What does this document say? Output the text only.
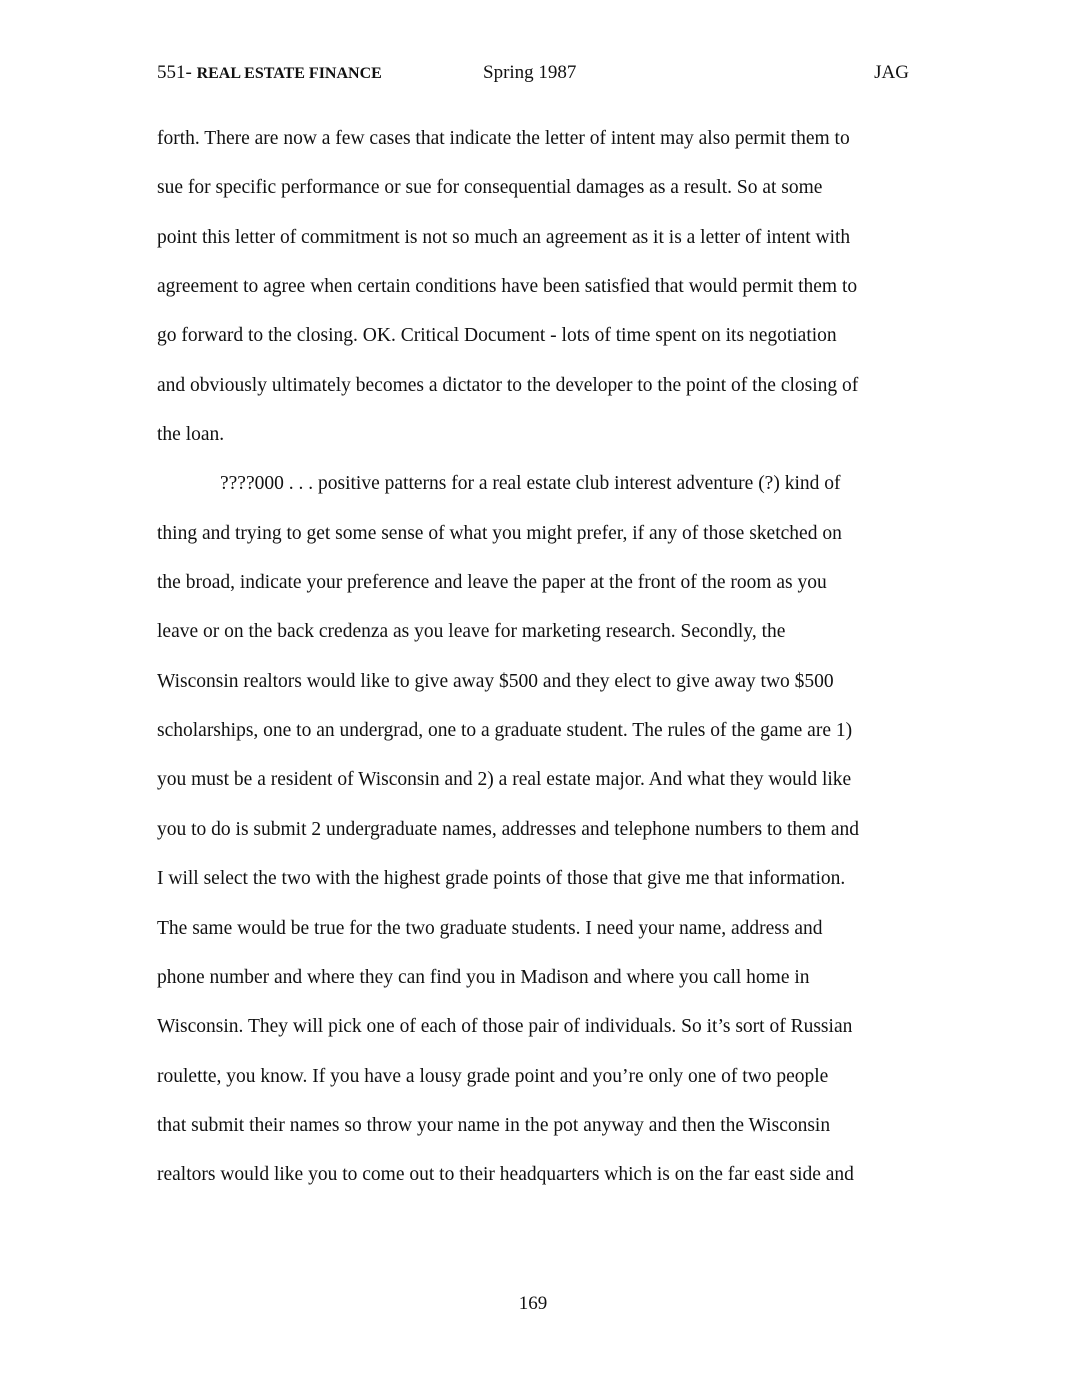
551- REAL ESTATE FINANCE	Spring 1987	JAG
forth. There are now a few cases that indicate the letter of intent may also permit them to
sue for specific performance or sue for consequential damages as a result. So at some
point this letter of commitment is not so much an agreement as it is a letter of intent with
agreement to agree when certain conditions have been satisfied that would permit them to
go forward to the closing. OK. Critical Document - lots of time spent on its negotiation
and obviously ultimately becomes a dictator to the developer to the point of the closing of
the loan.
????000 . . . positive patterns for a real estate club interest adventure (?) kind of
thing and trying to get some sense of what you might prefer, if any of those sketched on
the broad, indicate your preference and leave the paper at the front of the room as you
leave or on the back credenza as you leave for marketing research. Secondly, the
Wisconsin realtors would like to give away $500 and they elect to give away two $500
scholarships, one to an undergrad, one to a graduate student. The rules of the game are 1)
you must be a resident of Wisconsin and 2) a real estate major. And what they would like
you to do is submit 2 undergraduate names, addresses and telephone numbers to them and
I will select the two with the highest grade points of those that give me that information.
The same would be true for the two graduate students. I need your name, address and
phone number and where they can find you in Madison and where you call home in
Wisconsin. They will pick one of each of those pair of individuals. So it’s sort of Russian
roulette, you know. If you have a lousy grade point and you’re only one of two people
that submit their names so throw your name in the pot anyway and then the Wisconsin
realtors would like you to come out to their headquarters which is on the far east side and
169
